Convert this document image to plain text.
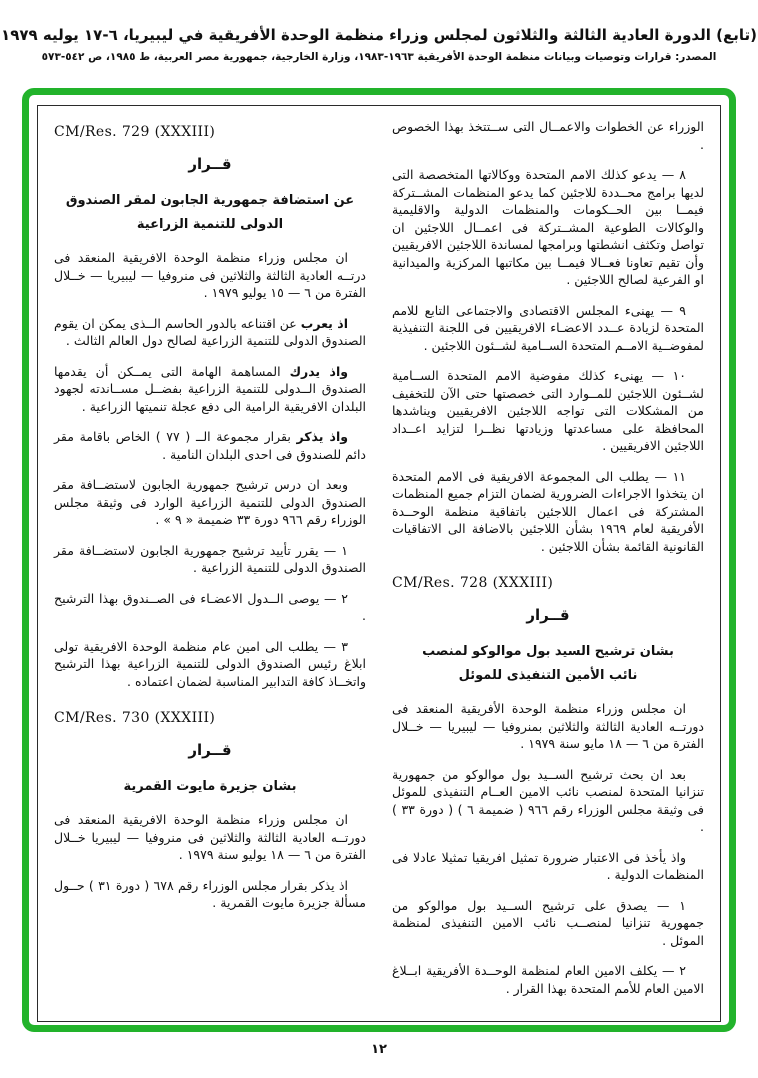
(تابع) الدورة العادية الثالثة والثلاثون لمجلس وزراء منظمة الوحدة الأفريقية في ليبيريا، ٦-١٧ يوليه ١٩٧٩
المصدر: قرارات وتوصيات وبيانات منظمة الوحدة الأفريقية ١٩٦٣-١٩٨٣، وزارة الخارجية، جمهورية مصر العربية، ط ١٩٨٥، ص ٥٤٢-٥٧٣

الوزراء عن الخطوات والاعمــال التى ســتتخذ بهذا الخصوص .

٨ — يدعو كذلك الامم المتحدة ووكالاتها المتخصصة التى لديها برامج محــددة للاجئين كما يدعو المنظمات المشــتركة فيمــا بين الحــكومات والمنظمات الدولية والاقليمية والوكالات الطوعية المشــتركة فى اعمــال اللاجئين ان تواصل وتكثف انشطتها وبرامجها لمساندة اللاجئين الافريقيين وأن تقيم تعاونا فعــالا فيمــا بين مكاتبها المركزية والميدانية او الفرعية لصالح اللاجئين .

٩ — يهنىء المجلس الاقتصادى والاجتماعى التابع للامم المتحدة لزيادة عــدد الاعضـاء الافريقيين فى اللجنة التنفيذية لمفوضــية الامــم المتحدة الســامية لشــئون اللاجئين .

١٠ — يهنىء كذلك مفوضية الامم المتحدة الســامية لشــئون اللاجئين للمــوارد التى خصصتها حتى الآن للتخفيف من المشكلات التى تواجه اللاجئين الافريقيين ويناشدها المحافظة على مساعدتها وزيادتها نظــرا لتزايد اعــداد اللاجئين الافريقيين .

١١ — يطلب الى المجموعة الافريقية فى الامم المتحدة ان يتخذوا الاجراءات الضرورية لضمان التزام جميع المنظمات المشتركة فى اعمال اللاجئين باتفاقية منظمة الوحــدة الأفريقية لعام ١٩٦٩ بشأن اللاجئين بالاضافة الى الاتفاقيات القانونية القائمة بشأن اللاجئين .

CM/Res. 728 (XXXIII)

قــرار

بشان ترشيح السيد بول موالوكو لمنصب
نائب الأمين التنفيذى للموئل

ان مجلس وزراء منظمة الوحدة الأفريقية المنعقد فى دورتــه العادية الثالثة والثلاثين بمنروفيا — ليبيريا — خــلال الفترة من ٦ — ١٨ مايو سنة ١٩٧٩ .

بعد ان بحث ترشيح الســيد بول موالوكو من جمهورية تنزانيا المتحدة لمنصب نائب الامين العــام التنفيذى للموئل فى وثيقة مجلس الوزراء رقم ٩٦٦ ( ضميمة ٦ ) ( دورة ٣٣ ) .

واذ يأخذ فى الاعتبار ضرورة تمثيل افريقيا تمثيلا عادلا فى المنظمات الدولية .

١ — يصدق على ترشيح الســيد بول موالوكو من جمهورية تنزانيا لمنصــب نائب الامين التنفيذى لمنظمة الموئل .

٢ — يكلف الامين العام لمنظمة الوحــدة الأفريقية ابــلاغ الامين العام للأمم المتحدة بهذا القرار .

CM/Res. 729 (XXXIII)

قــرار

عن استضافة جمهورية الجابون لمقر الصندوق
الدولى للتنمية الزراعية

ان مجلس وزراء منظمة الوحدة الافريقية المنعقد فى درتــه العادية الثالثة والثلاثين فى منروفيا — ليبيريا — خــلال الفترة من ٦ — ١٥ يوليو ١٩٧٩ .

اذ يعرب عن اقتناعه بالدور الحاسم الــذى يمكن ان يقوم الصندوق الدولى للتنمية الزراعية لصالح دول العالم الثالث .

واذ يدرك المساهمة الهامة التى يمــكن أن يقدمها الصندوق الــدولى للتنمية الزراعية بفضــل مســاندته لجهود البلدان الافريقية الرامية الى دفع عجلة تنميتها الزراعية .

واذ يذكر بقرار مجموعة الــ ( ٧٧ ) الخاص باقامة مقر دائم للصندوق فى احدى البلدان النامية .

وبعد ان درس ترشيح جمهورية الجابون لاستضــافة مقر الصندوق الدولى للتنمية الزراعية الوارد فى وثيقة مجلس الوزراء رقم ٩٦٦ دورة ٣٣ ضميمة « ٩ » .

١ — يقرر تأييد ترشيح جمهورية الجابون لاستضــافة مقر الصندوق الدولى للتنمية الزراعية .

٢ — يوصى الــدول الاعضـاء فى الصــندوق بهذا الترشيح .

٣ — يطلب الى امين عام منظمة الوحدة الافريقية تولى ابلاغ رئيس الصندوق الدولى للتنمية الزراعية بهذا الترشيح واتخــاذ كافة التدابير المناسبة لضمان اعتماده .

CM/Res. 730 (XXXIII)

قــرار

بشان جزيرة مايوت القمرية

ان مجلس وزراء منظمة الوحدة الافريقية المنعقد فى دورتــه العادية الثالثة والثلاثين فى منروفيا — ليبيريا خــلال الفترة من ٦ — ١٨ يوليو سنة ١٩٧٩ .

اذ يذكر بقرار مجلس الوزراء رقم ٦٧٨ ( دورة ٣١ ) حــول مسألة جزيرة مايوت القمرية .

١٢
